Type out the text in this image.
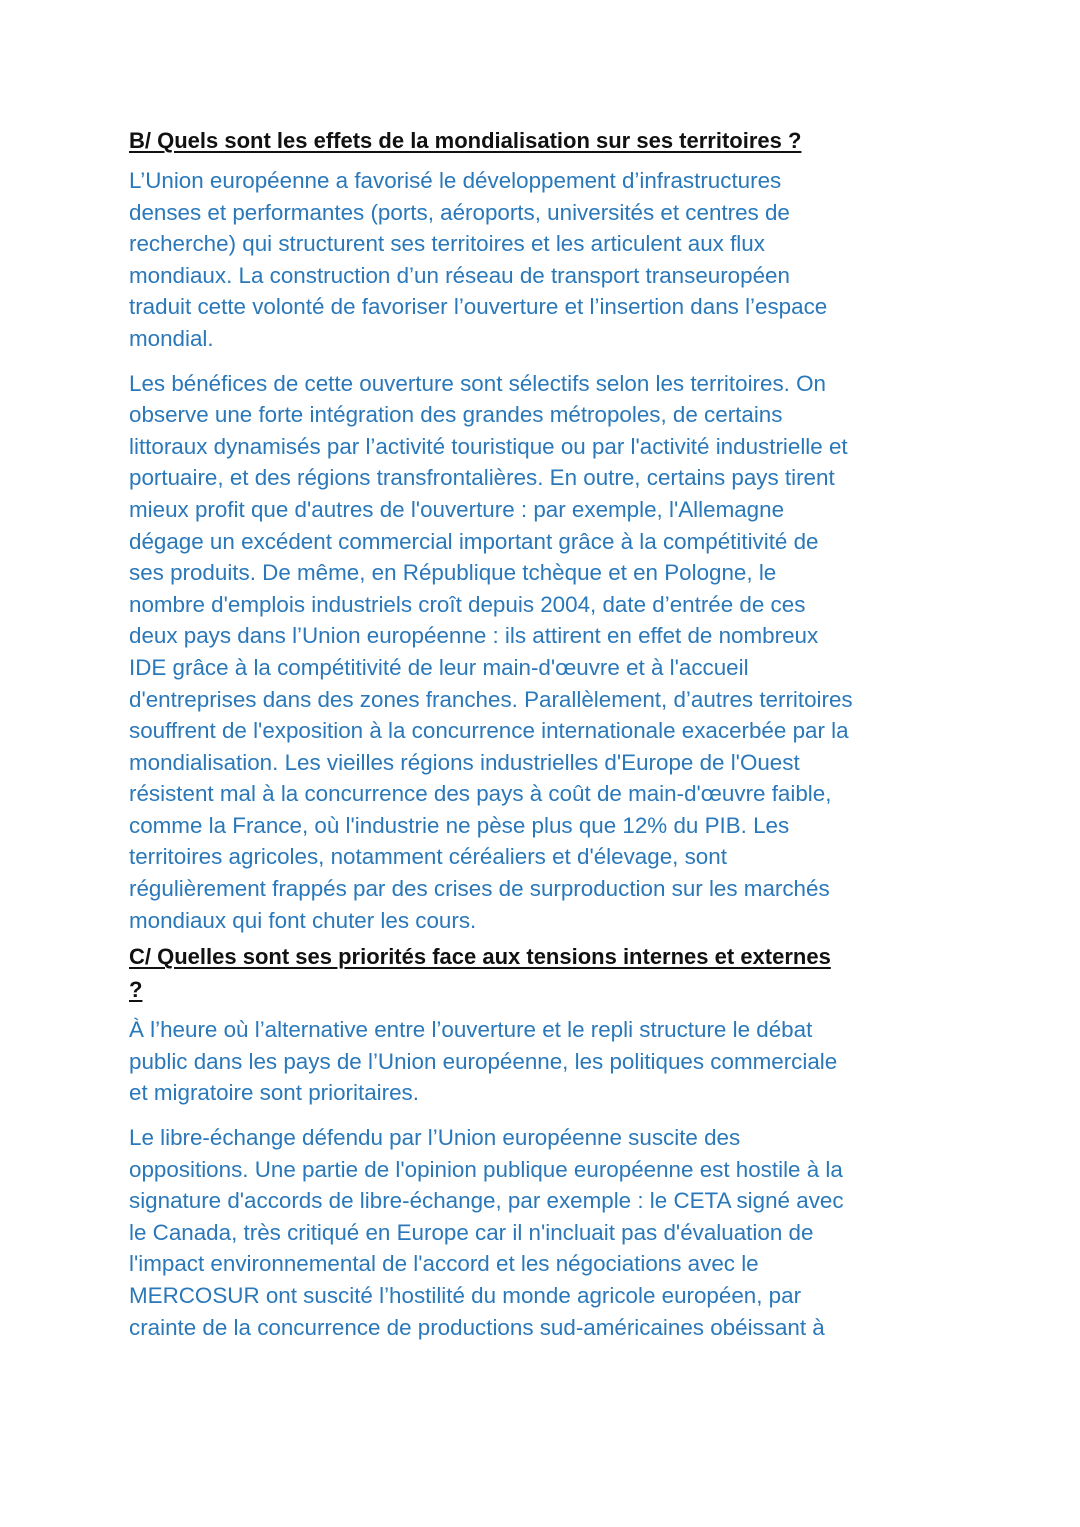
B/ Quels sont les effets de la mondialisation sur ses territoires ?

L’Union européenne a favorisé le développement d’infrastructures
denses et performantes (ports, aéroports, universités et centres de
recherche) qui structurent ses territoires et les articulent aux flux
mondiaux. La construction d’un réseau de transport transeuropéen
traduit cette volonté de favoriser l’ouverture et l’insertion dans l’espace
mondial.

Les bénéfices de cette ouverture sont sélectifs selon les territoires. On
observe une forte intégration des grandes métropoles, de certains
littoraux dynamisés par l’activité touristique ou par l'activité industrielle et
portuaire, et des régions transfrontalières. En outre, certains pays tirent
mieux profit que d'autres de l'ouverture : par exemple, l'Allemagne
dégage un excédent commercial important grâce à la compétitivité de
ses produits. De même, en République tchèque et en Pologne, le
nombre d'emplois industriels croît depuis 2004, date d’entrée de ces
deux pays dans l’Union européenne : ils attirent en effet de nombreux
IDE grâce à la compétitivité de leur main-d'œuvre et à l'accueil
d'entreprises dans des zones franches. Parallèlement, d’autres territoires
souffrent de l'exposition à la concurrence internationale exacerbée par la
mondialisation. Les vieilles régions industrielles d'Europe de l'Ouest
résistent mal à la concurrence des pays à coût de main-d'œuvre faible,
comme la France, où l'industrie ne pèse plus que 12% du PIB. Les
territoires agricoles, notamment céréaliers et d'élevage, sont
régulièrement frappés par des crises de surproduction sur les marchés
mondiaux qui font chuter les cours.

C/ Quelles sont ses priorités face aux tensions internes et externes
?

À l’heure où l’alternative entre l’ouverture et le repli structure le débat
public dans les pays de l’Union européenne, les politiques commerciale
et migratoire sont prioritaires.

Le libre-échange défendu par l’Union européenne suscite des
oppositions. Une partie de l'opinion publique européenne est hostile à la
signature d'accords de libre-échange, par exemple : le CETA signé avec
le Canada, très critiqué en Europe car il n'incluait pas d'évaluation de
l'impact environnemental de l'accord et les négociations avec le
MERCOSUR ont suscité l’hostilité du monde agricole européen, par
crainte de la concurrence de productions sud-américaines obéissant à
